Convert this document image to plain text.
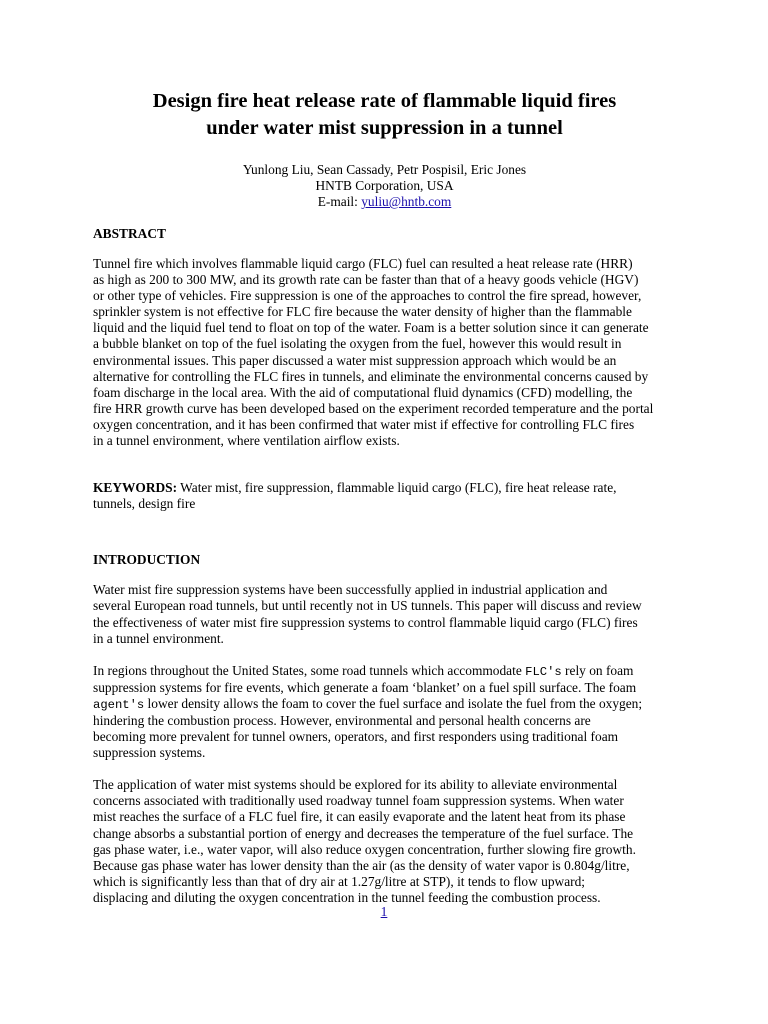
Design fire heat release rate of flammable liquid fires
under water mist suppression in a tunnel
Yunlong Liu, Sean Cassady, Petr Pospisil, Eric Jones
HNTB Corporation, USA
E-mail: yuliu@hntb.com
ABSTRACT

Tunnel fire which involves flammable liquid cargo (FLC) fuel can resulted a heat release rate (HRR)
as high as 200 to 300 MW, and its growth rate can be faster than that of a heavy goods vehicle (HGV)
or other type of vehicles. Fire suppression is one of the approaches to control the fire spread, however,
sprinkler system is not effective for FLC fire because the water density of higher than the flammable
liquid and the liquid fuel tend to float on top of the water. Foam is a better solution since it can generate
a bubble blanket on top of the fuel isolating the oxygen from the fuel, however this would result in
environmental issues. This paper discussed a water mist suppression approach which would be an
alternative for controlling the FLC fires in tunnels, and eliminate the environmental concerns caused by
foam discharge in the local area. With the aid of computational fluid dynamics (CFD) modelling, the
fire HRR growth curve has been developed based on the experiment recorded temperature and the portal
oxygen concentration, and it has been confirmed that water mist if effective for controlling FLC fires
in a tunnel environment, where ventilation airflow exists.

KEYWORDS: Water mist, fire suppression, flammable liquid cargo (FLC), fire heat release rate,
tunnels, design fire

INTRODUCTION

Water mist fire suppression systems have been successfully applied in industrial application and
several European road tunnels, but until recently not in US tunnels. This paper will discuss and review
the effectiveness of water mist fire suppression systems to control flammable liquid cargo (FLC) fires
in a tunnel environment.

In regions throughout the United States, some road tunnels which accommodate FLC's rely on foam
suppression systems for fire events, which generate a foam ‘blanket’ on a fuel spill surface. The foam
agent's lower density allows the foam to cover the fuel surface and isolate the fuel from the oxygen;
hindering the combustion process. However, environmental and personal health concerns are
becoming more prevalent for tunnel owners, operators, and first responders using traditional foam
suppression systems.

The application of water mist systems should be explored for its ability to alleviate environmental
concerns associated with traditionally used roadway tunnel foam suppression systems. When water
mist reaches the surface of a FLC fuel fire, it can easily evaporate and the latent heat from its phase
change absorbs a substantial portion of energy and decreases the temperature of the fuel surface. The
gas phase water, i.e., water vapor, will also reduce oxygen concentration, further slowing fire growth.
Because gas phase water has lower density than the air (as the density of water vapor is 0.804g/litre,
which is significantly less than that of dry air at 1.27g/litre at STP), it tends to flow upward;
displacing and diluting the oxygen concentration in the tunnel feeding the combustion process.

1
